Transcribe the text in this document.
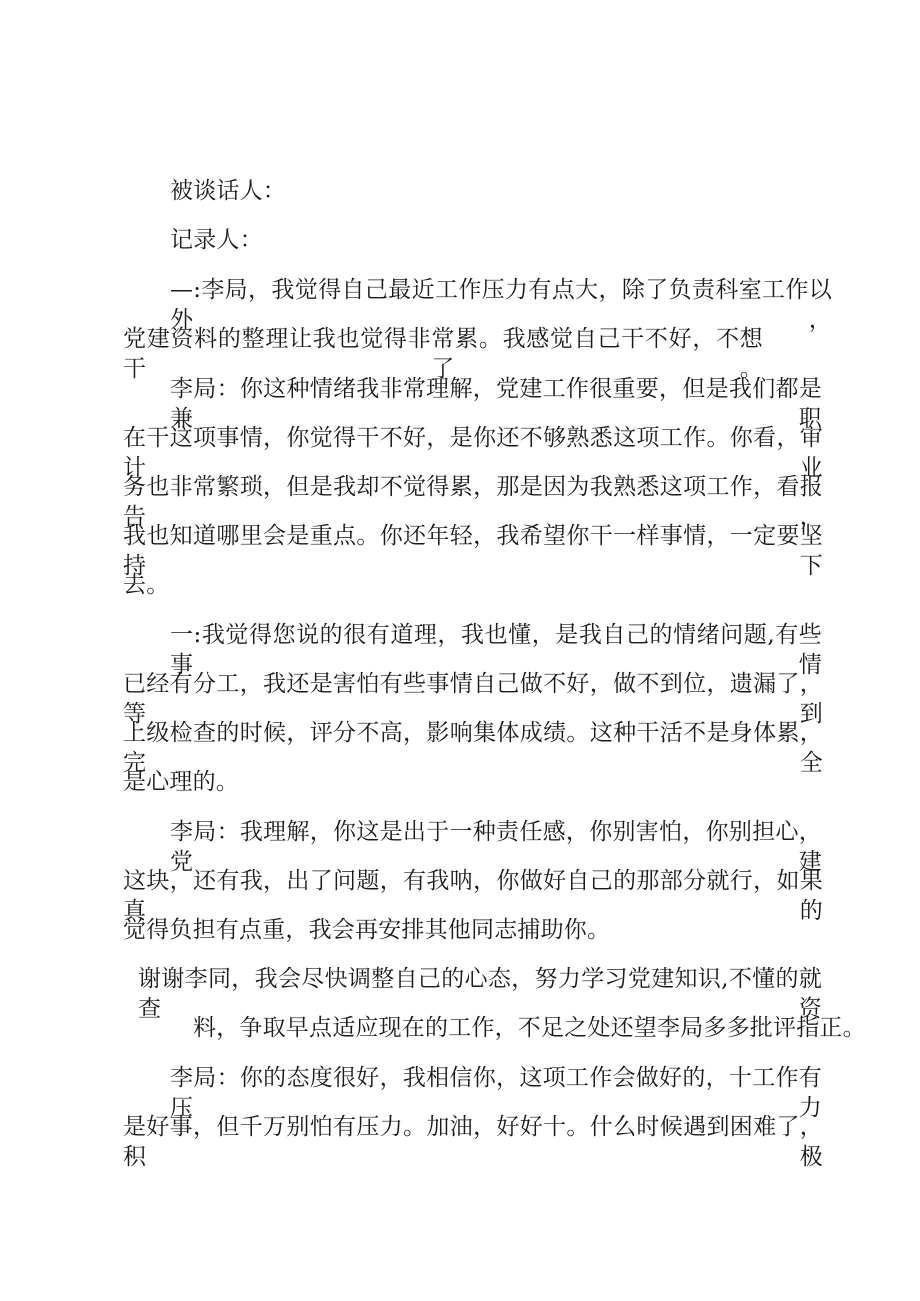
被谈话人：
记录人：
—:李局，我觉得自己最近工作压力有点大，除了负责科室工作以外，
党建资料的整理让我也觉得非常累。我感觉自己干不好，不想干了。
李局：你这种情绪我非常理解，党建工作很重要，但是我们都是兼职
在干这项事情，你觉得干不好，是你还不够熟悉这项工作。你看，审计业
务也非常繁琐，但是我却不觉得累，那是因为我熟悉这项工作，看报告，
我也知道哪里会是重点。你还年轻，我希望你干一样事情，一定要坚持下
去。
一:我觉得您说的很有道理，我也懂，是我自己的情绪问题,有些事情
已经有分工，我还是害怕有些事情自己做不好，做不到位，遗漏了，等到
上级检查的时候，评分不高，影响集体成绩。这种干活不是身体累，完全
是心理的。
李局：我理解，你这是出于一种责任感，你别害怕，你别担心，党建
这块，还有我，出了问题，有我呐，你做好自己的那部分就行，如果真的
觉得负担有点重，我会再安排其他同志捕助你。
谢谢李同，我会尽快调整自己的心态，努力学习党建知识,不懂的就查资
料，争取早点适应现在的工作，不足之处还望李局多多批评指正。
李局：你的态度很好，我相信你，这项工作会做好的，十工作有压力
是好事，但千万别怕有压力。加油，好好十。什么时候遇到困难了，积极
